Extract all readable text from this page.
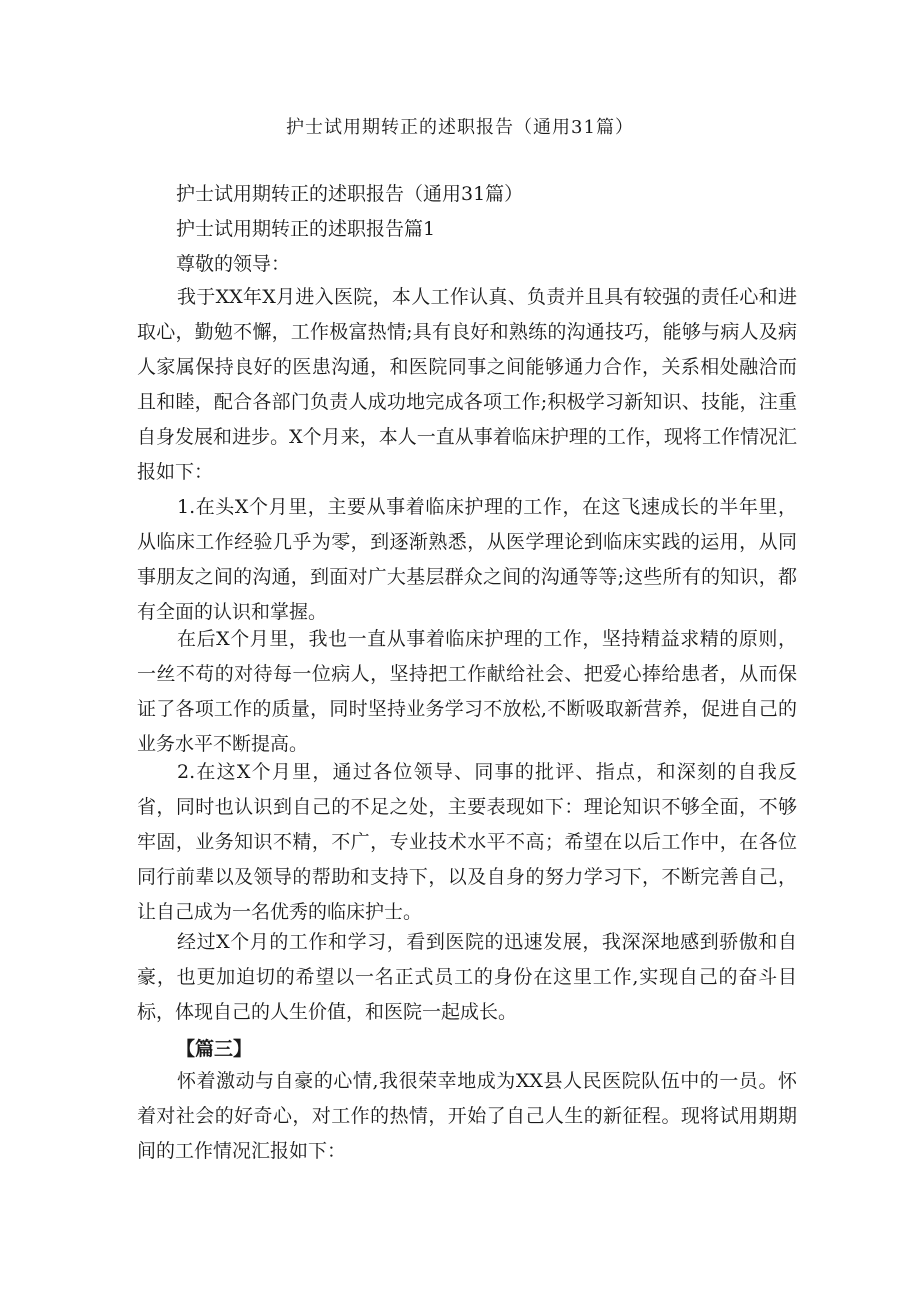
护士试用期转正的述职报告（通用31篇）
护士试用期转正的述职报告（通用31篇）
护士试用期转正的述职报告篇1
尊敬的领导：

我于XX年X月进入医院，本人工作认真、负责并且具有较强的责任心和进取心，勤勉不懈，工作极富热情;具有良好和熟练的沟通技巧，能够与病人及病人家属保持良好的医患沟通，和医院同事之间能够通力合作，关系相处融洽而且和睦，配合各部门负责人成功地完成各项工作;积极学习新知识、技能，注重自身发展和进步。X个月来，本人一直从事着临床护理的工作，现将工作情况汇报如下：

1.在头X个月里，主要从事着临床护理的工作，在这飞速成长的半年里，从临床工作经验几乎为零，到逐渐熟悉，从医学理论到临床实践的运用，从同事朋友之间的沟通，到面对广大基层群众之间的沟通等等;这些所有的知识，都有全面的认识和掌握。

在后X个月里，我也一直从事着临床护理的工作，坚持精益求精的原则，一丝不苟的对待每一位病人，坚持把工作献给社会、把爱心捧给患者，从而保证了各项工作的质量，同时坚持业务学习不放松,不断吸取新营养，促进自己的业务水平不断提高。

2.在这X个月里，通过各位领导、同事的批评、指点，和深刻的自我反省，同时也认识到自己的不足之处，主要表现如下：理论知识不够全面，不够牢固，业务知识不精，不广，专业技术水平不高；希望在以后工作中，在各位同行前辈以及领导的帮助和支持下，以及自身的努力学习下，不断完善自己，让自己成为一名优秀的临床护士。

经过X个月的工作和学习，看到医院的迅速发展，我深深地感到骄傲和自豪，也更加迫切的希望以一名正式员工的身份在这里工作,实现自己的奋斗目标，体现自己的人生价值，和医院一起成长。

【篇三】

怀着激动与自豪的心情,我很荣幸地成为XX县人民医院队伍中的一员。怀着对社会的好奇心，对工作的热情，开始了自己人生的新征程。现将试用期期间的工作情况汇报如下：
